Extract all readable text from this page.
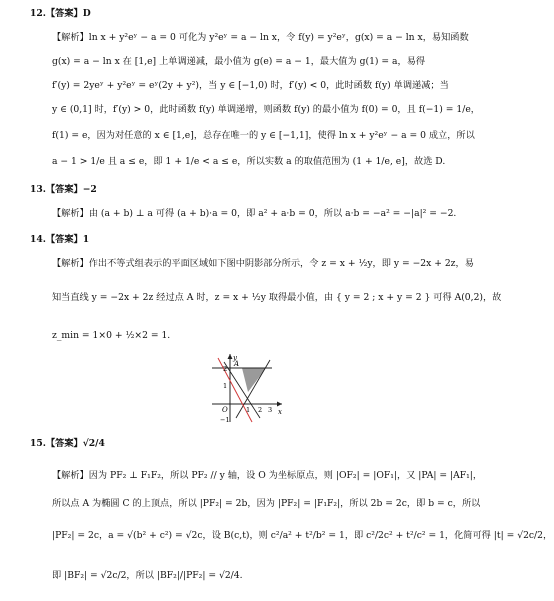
12.【答案】D
【解析】ln x + y²eʸ − a = 0 可化为 y²eʸ = a − ln x，令 f(y) = y²eʸ，g(x) = a − ln x，易知函数
g(x) = a − ln x 在 [1,e] 上单调递减，最小值为 g(e) = a − 1，最大值为 g(1) = a，易得
f′(y) = 2yeʸ + y²eʸ = eʸ(2y + y²)，当 y ∈ [−1,0) 时，f′(y) < 0，此时函数 f(y) 单调递减；当
y ∈ (0,1] 时，f′(y) > 0，此时函数 f(y) 单调递增，则函数 f(y) 的最小值为 f(0) = 0，且 f(−1) = 1/e，
f(1) = e，因为对任意的 x ∈ [1,e]，总存在唯一的 y ∈ [−1,1]，使得 ln x + y²eʸ − a = 0 成立，所以
a − 1 > 1/e 且 a ≤ e，即 1 + 1/e < a ≤ e，所以实数 a 的取值范围为 (1 + 1/e, e]，故选 D.
13.【答案】−2
【解析】由 (a + b) ⊥ a 可得 (a + b)·a = 0，即 a² + a·b = 0，所以 a·b = −a² = −|a|² = −2.
14.【答案】1
【解析】作出不等式组表示的平面区域如下图中阴影部分所示，令 z = x + ½y，即 y = −2x + 2z，易
知当直线 y = −2x + 2z 经过点 A 时，z = x + ½y 取得最小值，由 { y = 2 ; x + y = 2 } 可得 A(0,2)，故
z_min = 1×0 + ½×2 = 1.
y
x
A
O
2
1
1 2 3
−1
15.【答案】√2/4
【解析】因为 PF₂ ⊥ F₁F₂，所以 PF₂ // y 轴，设 O 为坐标原点，则 |OF₂| = |OF₁|，又 |PA| = |AF₁|，
所以点 A 为椭圆 C 的上顶点，所以 |PF₂| = 2b，因为 |PF₂| = |F₁F₂|，所以 2b = 2c，即 b = c，所以
|PF₂| = 2c，a = √(b² + c²) = √2c，设 B(c,t)，则 c²/a² + t²/b² = 1，即 c²/2c² + t²/c² = 1，化简可得 |t| = √2c/2，
即 |BF₂| = √2c/2，所以 |BF₂|/|PF₂| = √2/4.
